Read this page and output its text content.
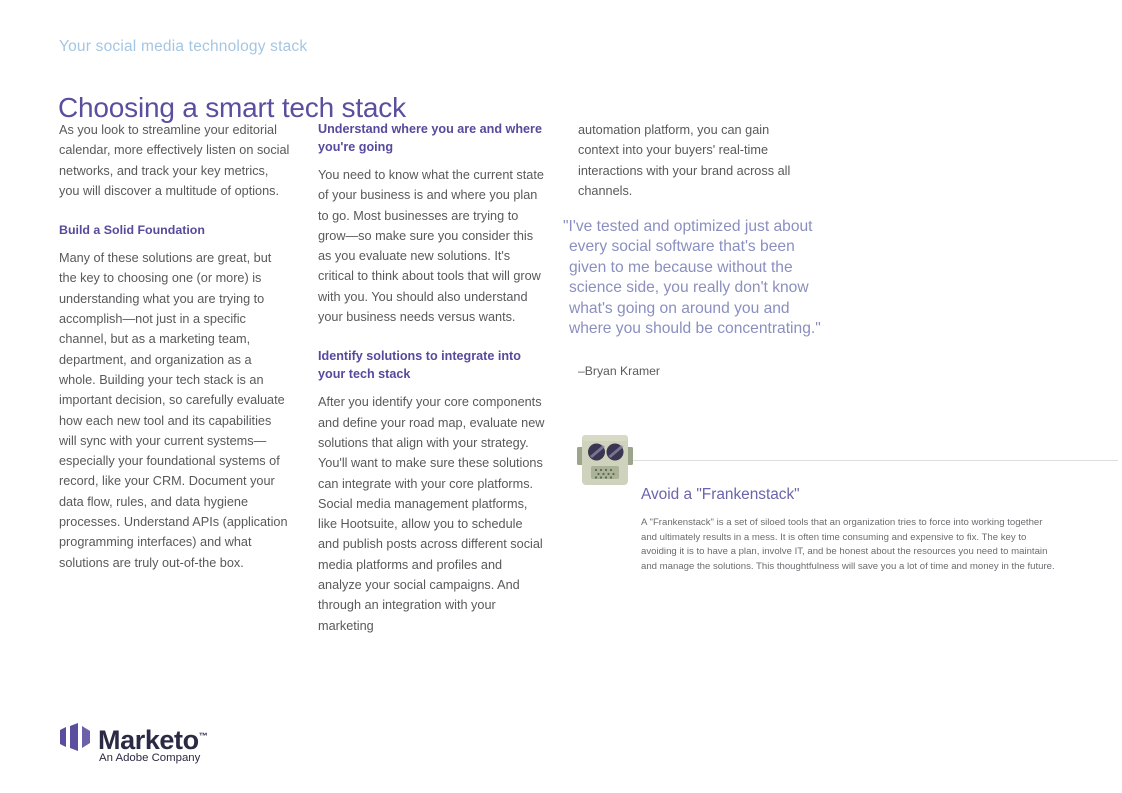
Your social media technology stack
Choosing a smart tech stack

As you look to streamline your editorial calendar, more effectively listen on social networks, and track your key metrics, you will discover a multitude of options.

Build a Solid Foundation

Many of these solutions are great, but the key to choosing one (or more) is understanding what you are trying to accomplish—not just in a specific channel, but as a marketing team, department, and organization as a whole. Building your tech stack is an important decision, so carefully evaluate how each new tool and its capabilities will sync with your current systems—especially your foundational systems of record, like your CRM. Document your data flow, rules, and data hygiene processes. Understand APIs (application programming interfaces) and what solutions are truly out-of-the box.

Understand where you are and where you're going

You need to know what the current state of your business is and where you plan to go. Most businesses are trying to grow—so make sure you consider this as you evaluate new solutions. It's critical to think about tools that will grow with you. You should also understand your business needs versus wants.

Identify solutions to integrate into your tech stack

After you identify your core components and define your road map, evaluate new solutions that align with your strategy. You'll want to make sure these solutions can integrate with your core platforms. Social media management platforms, like Hootsuite, allow you to schedule and publish posts across different social media platforms and profiles and analyze your social campaigns. And through an integration with your marketing

automation platform, you can gain context into your buyers' real-time interactions with your brand across all channels.

"I've tested and optimized just about every social software that's been given to me because without the science side, you really don't know what's going on around you and where you should be concentrating."
–Bryan Kramer
Avoid a "Frankenstack"
A "Frankenstack" is a set of siloed tools that an organization tries to force into working together and ultimately results in a mess. It is often time consuming and expensive to fix. The key to avoiding it is to have a plan, involve IT, and be honest about the resources you need to maintain and manage the solutions. This thoughtfulness will save you a lot of time and money in the future.
Marketo™
An Adobe Company
